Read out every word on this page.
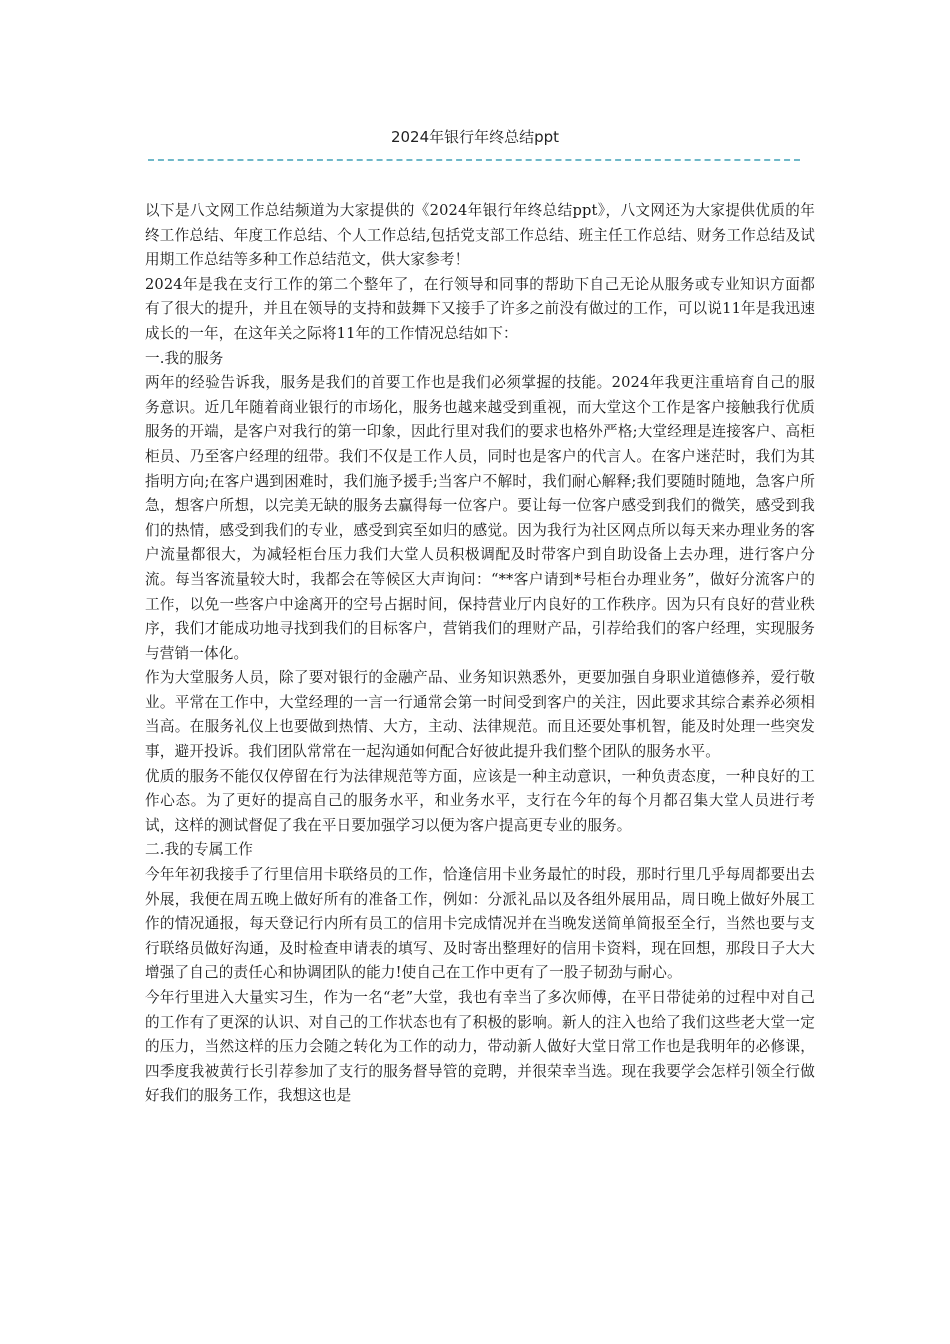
2024年银行年终总结ppt

以下是八文网工作总结频道为大家提供的《2024年银行年终总结ppt》，八文网还为大家提供优质的年终工作总结、年度工作总结、个人工作总结,包括党支部工作总结、班主任工作总结、财务工作总结及试用期工作总结等多种工作总结范文，供大家参考！

2024年是我在支行工作的第二个整年了，在行领导和同事的帮助下自己无论从服务或专业知识方面都有了很大的提升，并且在领导的支持和鼓舞下又接手了许多之前没有做过的工作，可以说11年是我迅速成长的一年，在这年关之际将11年的工作情况总结如下：

一.我的服务

两年的经验告诉我，服务是我们的首要工作也是我们必须掌握的技能。2024年我更注重培育自己的服务意识。近几年随着商业银行的市场化，服务也越来越受到重视，而大堂这个工作是客户接触我行优质服务的开端，是客户对我行的第一印象，因此行里对我们的要求也格外严格;大堂经理是连接客户、高柜柜员、乃至客户经理的纽带。我们不仅是工作人员，同时也是客户的代言人。在客户迷茫时，我们为其指明方向;在客户遇到困难时，我们施予援手;当客户不解时，我们耐心解释;我们要随时随地，急客户所急，想客户所想，以完美无缺的服务去赢得每一位客户。要让每一位客户感受到我们的微笑，感受到我们的热情，感受到我们的专业，感受到宾至如归的感觉。因为我行为社区网点所以每天来办理业务的客户流量都很大，为减轻柜台压力我们大堂人员积极调配及时带客户到自助设备上去办理，进行客户分流。每当客流量较大时，我都会在等候区大声询问：“**客户请到*号柜台办理业务”，做好分流客户的工作，以免一些客户中途离开的空号占据时间，保持营业厅内良好的工作秩序。因为只有良好的营业秩序，我们才能成功地寻找到我们的目标客户，营销我们的理财产品，引荐给我们的客户经理，实现服务与营销一体化。

作为大堂服务人员，除了要对银行的金融产品、业务知识熟悉外，更要加强自身职业道德修养，爱行敬业。平常在工作中，大堂经理的一言一行通常会第一时间受到客户的关注，因此要求其综合素养必须相当高。在服务礼仪上也要做到热情、大方，主动、法律规范。而且还要处事机智，能及时处理一些突发事，避开投诉。我们团队常常在一起沟通如何配合好彼此提升我们整个团队的服务水平。

优质的服务不能仅仅停留在行为法律规范等方面，应该是一种主动意识，一种负责态度，一种良好的工作心态。为了更好的提高自己的服务水平，和业务水平，支行在今年的每个月都召集大堂人员进行考试，这样的测试督促了我在平日要加强学习以便为客户提高更专业的服务。

二.我的专属工作

今年年初我接手了行里信用卡联络员的工作，恰逢信用卡业务最忙的时段，那时行里几乎每周都要出去外展，我便在周五晚上做好所有的准备工作，例如：分派礼品以及各组外展用品，周日晚上做好外展工作的情况通报，每天登记行内所有员工的信用卡完成情况并在当晚发送简单简报至全行，当然也要与支行联络员做好沟通，及时检查申请表的填写、及时寄出整理好的信用卡资料，现在回想，那段日子大大增强了自己的责任心和协调团队的能力!使自己在工作中更有了一股子韧劲与耐心。

今年行里进入大量实习生，作为一名“老”大堂，我也有幸当了多次师傅，在平日带徒弟的过程中对自己的工作有了更深的认识、对自己的工作状态也有了积极的影响。新人的注入也给了我们这些老大堂一定的压力，当然这样的压力会随之转化为工作的动力，带动新人做好大堂日常工作也是我明年的必修课，四季度我被黄行长引荐参加了支行的服务督导管的竞聘，并很荣幸当选。现在我要学会怎样引领全行做好我们的服务工作，我想这也是
